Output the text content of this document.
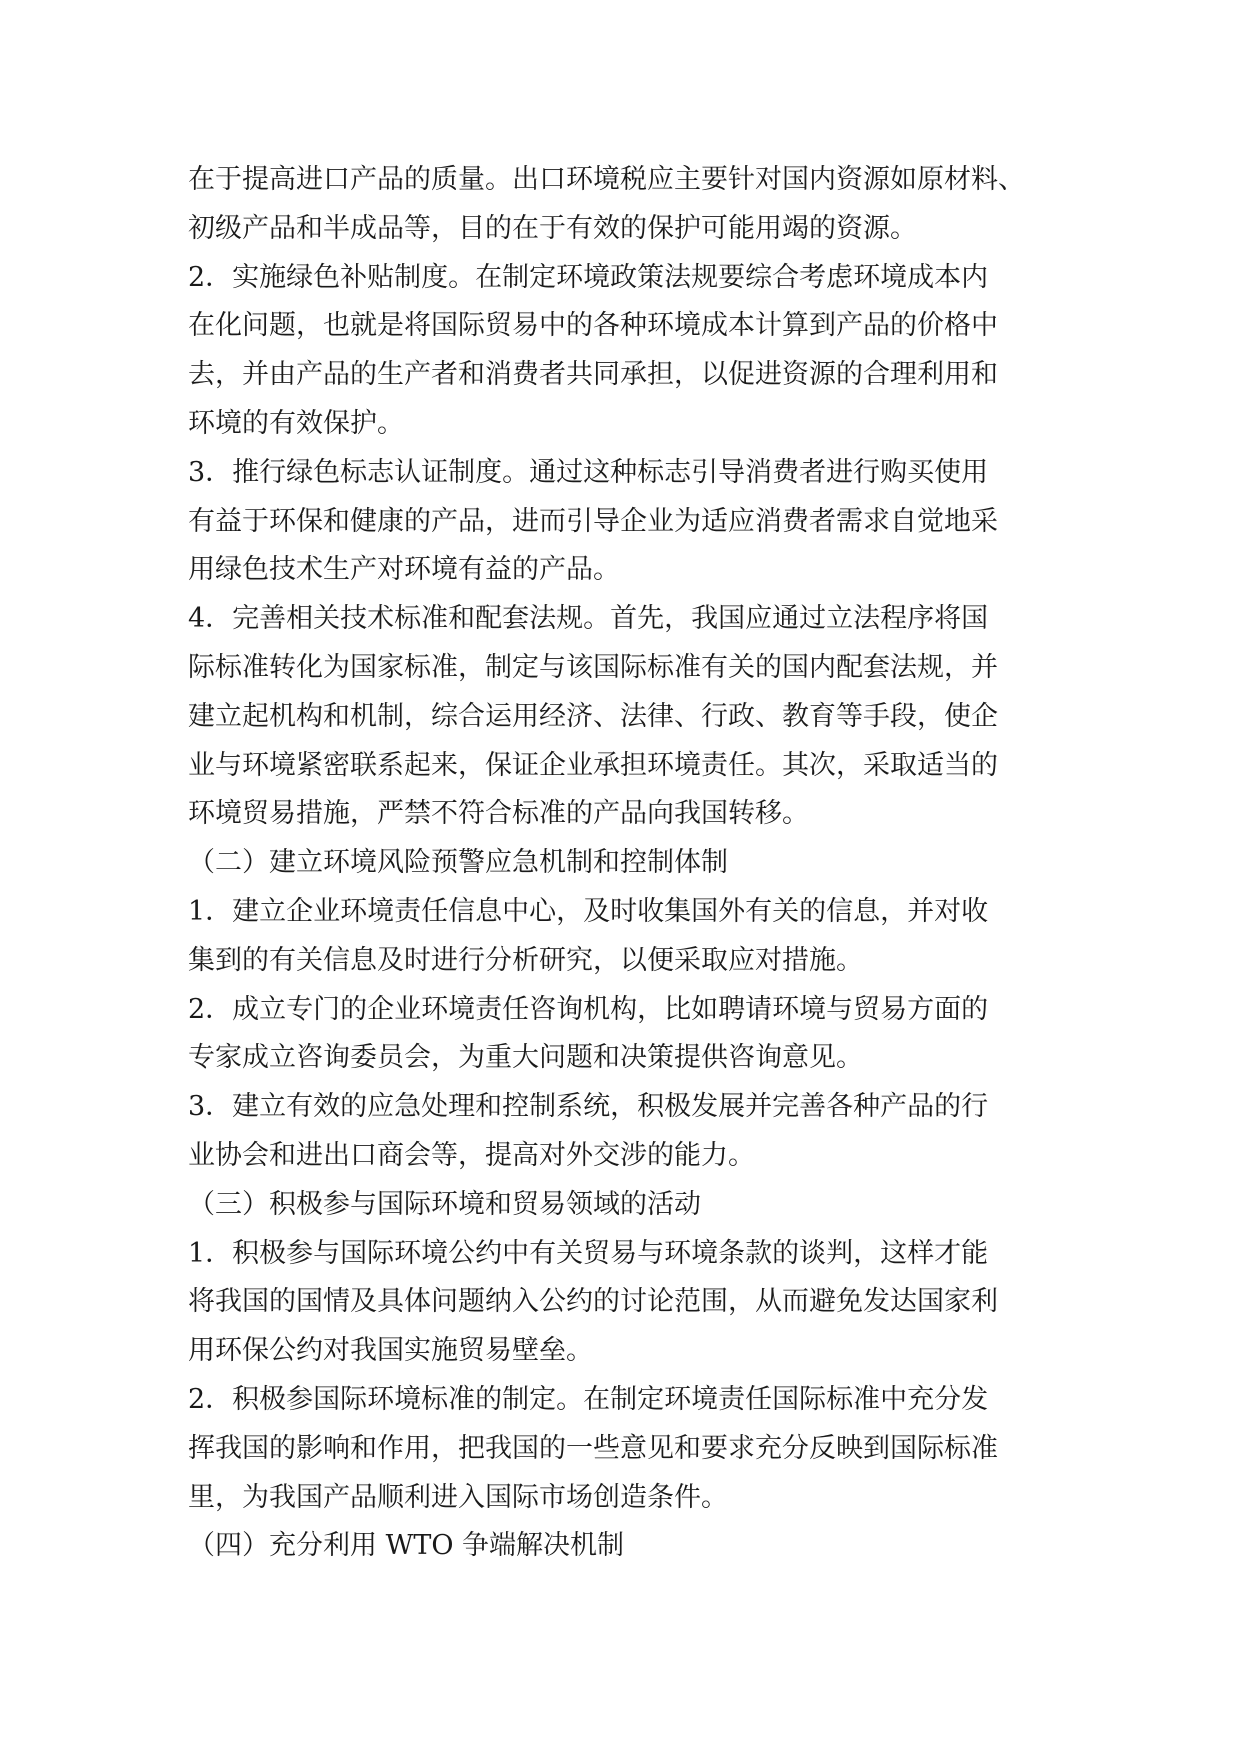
在于提高进口产品的质量。出口环境税应主要针对国内资源如原材料、
初级产品和半成品等，目的在于有效的保护可能用竭的资源。
2．实施绿色补贴制度。在制定环境政策法规要综合考虑环境成本内
在化问题，也就是将国际贸易中的各种环境成本计算到产品的价格中
去，并由产品的生产者和消费者共同承担，以促进资源的合理利用和
环境的有效保护。
3．推行绿色标志认证制度。通过这种标志引导消费者进行购买使用
有益于环保和健康的产品，进而引导企业为适应消费者需求自觉地采
用绿色技术生产对环境有益的产品。
4．完善相关技术标准和配套法规。首先，我国应通过立法程序将国
际标准转化为国家标准，制定与该国际标准有关的国内配套法规，并
建立起机构和机制，综合运用经济、法律、行政、教育等手段，使企
业与环境紧密联系起来，保证企业承担环境责任。其次，采取适当的
环境贸易措施，严禁不符合标准的产品向我国转移。
（二）建立环境风险预警应急机制和控制体制
1．建立企业环境责任信息中心，及时收集国外有关的信息，并对收
集到的有关信息及时进行分析研究，以便采取应对措施。
2．成立专门的企业环境责任咨询机构，比如聘请环境与贸易方面的
专家成立咨询委员会，为重大问题和决策提供咨询意见。
3．建立有效的应急处理和控制系统，积极发展并完善各种产品的行
业协会和进出口商会等，提高对外交涉的能力。
（三）积极参与国际环境和贸易领域的活动
1．积极参与国际环境公约中有关贸易与环境条款的谈判，这样才能
将我国的国情及具体问题纳入公约的讨论范围，从而避免发达国家利
用环保公约对我国实施贸易壁垒。
2．积极参国际环境标准的制定。在制定环境责任国际标准中充分发
挥我国的影响和作用，把我国的一些意见和要求充分反映到国际标准
里，为我国产品顺利进入国际市场创造条件。
（四）充分利用 WTO 争端解决机制
